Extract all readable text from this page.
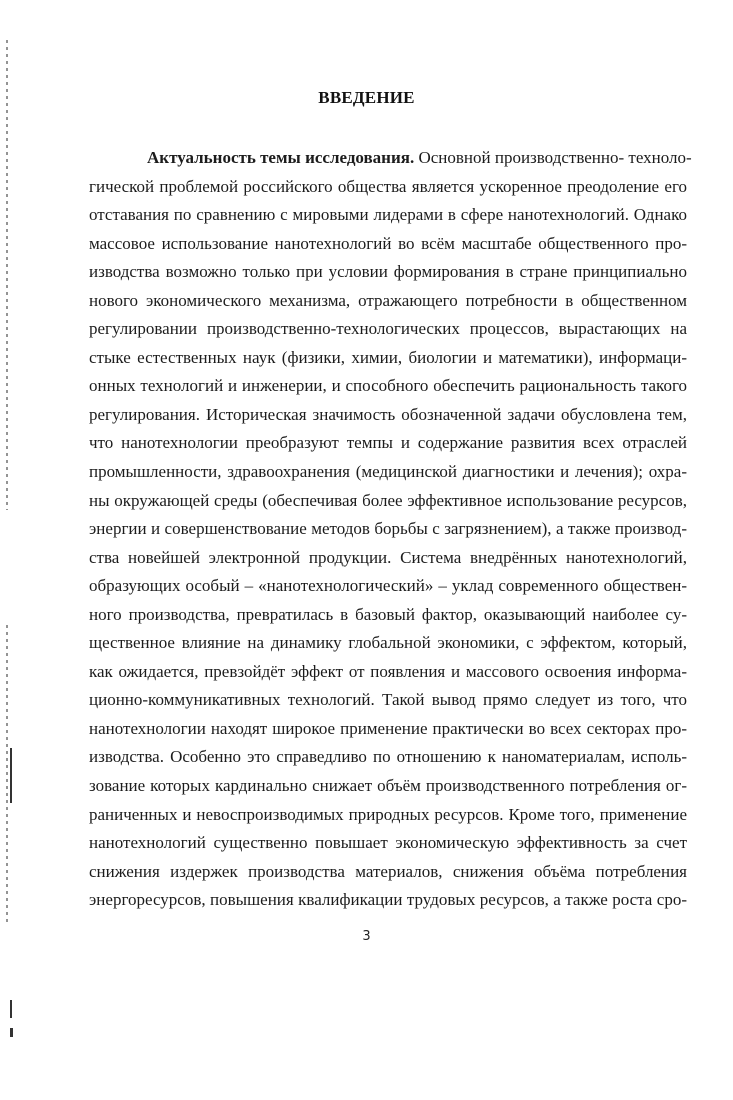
ВВЕДЕНИЕ
Актуальность темы исследования. Основной производственно- техноло-
гической проблемой российского общества является ускоренное преодоление его
отставания по сравнению с мировыми лидерами в сфере нанотехнологий. Однако
массовое использование нанотехнологий во всём масштабе общественного про-
изводства возможно только при условии формирования в стране принципиально
нового экономического механизма, отражающего потребности в общественном
регулировании производственно-технологических процессов, вырастающих на
стыке естественных наук (физики, химии, биологии и математики), информаци-
онных технологий и инженерии, и способного обеспечить рациональность такого
регулирования. Историческая значимость обозначенной задачи обусловлена тем,
что нанотехнологии преобразуют темпы и содержание развития всех отраслей
промышленности, здравоохранения (медицинской диагностики и лечения); охра-
ны окружающей среды (обеспечивая более эффективное использование ресурсов,
энергии и совершенствование методов борьбы с загрязнением), а также производ-
ства новейшей электронной продукции. Система внедрённых нанотехнологий,
образующих особый – «нанотехнологический» – уклад современного обществен-
ного производства, превратилась в базовый фактор, оказывающий наиболее су-
щественное влияние на динамику глобальной экономики, с эффектом, который,
как ожидается, превзойдёт эффект от появления и массового освоения информа-
ционно-коммуникативных технологий. Такой вывод прямо следует из того, что
нанотехнологии находят широкое применение практически во всех секторах про-
изводства. Особенно это справедливо по отношению к наноматериалам, исполь-
зование которых кардинально снижает объём производственного потребления ог-
раниченных и невоспроизводимых природных ресурсов. Кроме того, применение
нанотехнологий существенно повышает экономическую эффективность за счет
снижения издержек производства материалов, снижения объёма потребления
энергоресурсов, повышения квалификации трудовых ресурсов, а также роста сро-
3
